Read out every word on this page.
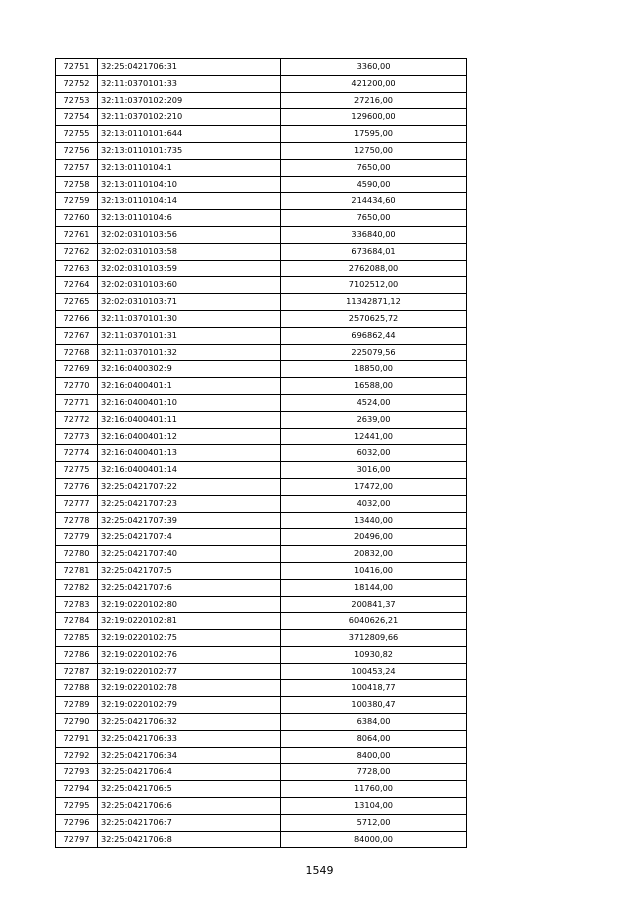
72751	32:25:0421706:31	3360,00
72752	32:11:0370101:33	421200,00
72753	32:11:0370102:209	27216,00
72754	32:11:0370102:210	129600,00
72755	32:13:0110101:644	17595,00
72756	32:13:0110101:735	12750,00
72757	32:13:0110104:1	7650,00
72758	32:13:0110104:10	4590,00
72759	32:13:0110104:14	214434,60
72760	32:13:0110104:6	7650,00
72761	32:02:0310103:56	336840,00
72762	32:02:0310103:58	673684,01
72763	32:02:0310103:59	2762088,00
72764	32:02:0310103:60	7102512,00
72765	32:02:0310103:71	11342871,12
72766	32:11:0370101:30	2570625,72
72767	32:11:0370101:31	696862,44
72768	32:11:0370101:32	225079,56
72769	32:16:0400302:9	18850,00
72770	32:16:0400401:1	16588,00
72771	32:16:0400401:10	4524,00
72772	32:16:0400401:11	2639,00
72773	32:16:0400401:12	12441,00
72774	32:16:0400401:13	6032,00
72775	32:16:0400401:14	3016,00
72776	32:25:0421707:22	17472,00
72777	32:25:0421707:23	4032,00
72778	32:25:0421707:39	13440,00
72779	32:25:0421707:4	20496,00
72780	32:25:0421707:40	20832,00
72781	32:25:0421707:5	10416,00
72782	32:25:0421707:6	18144,00
72783	32:19:0220102:80	200841,37
72784	32:19:0220102:81	6040626,21
72785	32:19:0220102:75	3712809,66
72786	32:19:0220102:76	10930,82
72787	32:19:0220102:77	100453,24
72788	32:19:0220102:78	100418,77
72789	32:19:0220102:79	100380,47
72790	32:25:0421706:32	6384,00
72791	32:25:0421706:33	8064,00
72792	32:25:0421706:34	8400,00
72793	32:25:0421706:4	7728,00
72794	32:25:0421706:5	11760,00
72795	32:25:0421706:6	13104,00
72796	32:25:0421706:7	5712,00
72797	32:25:0421706:8	84000,00
1549
